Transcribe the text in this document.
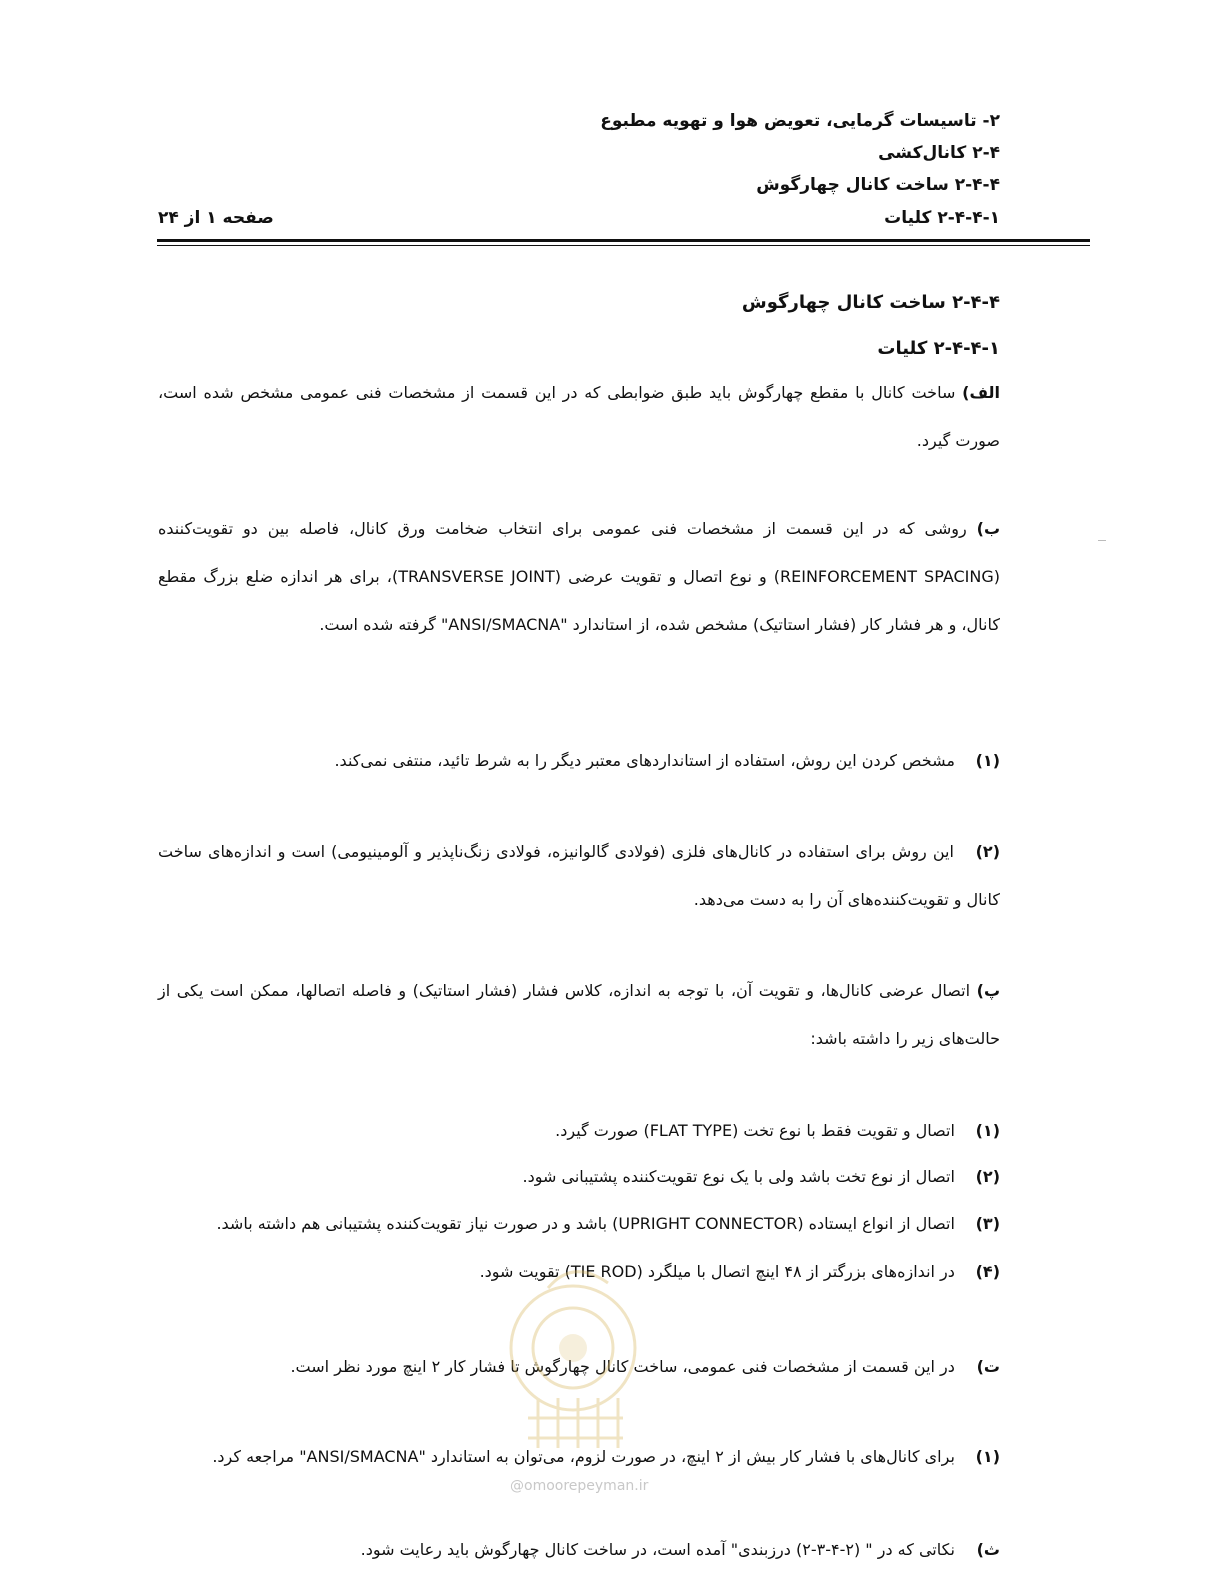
۲- تاسیسات گرمایی، تعویض هوا و تهویه مطبوع
۲-۴ کانال‌کشی
۲-۴-۴ ساخت کانال چهارگوش
۲-۴-۴-۱ کلیات
صفحه ۱ از ۲۴
۲-۴-۴ ساخت کانال چهارگوش
۲-۴-۴-۱ کلیات
الف) ساخت کانال با مقطع چهارگوش باید طبق ضوابطی که در این قسمت از مشخصات فنی عمومی مشخص شده است، صورت گیرد.
ب) روشی که در این قسمت از مشخصات فنی عمومی برای انتخاب ضخامت ورق کانال، فاصله بین دو تقویت‌کننده (REINFORCEMENT SPACING) و نوع اتصال و تقویت عرضی (TRANSVERSE JOINT)، برای هر اندازه ضلع بزرگ مقطع کانال، و هر فشار کار (فشار استاتیک) مشخص شده، از استاندارد "ANSI/SMACNA" گرفته شده است.
(۱) مشخص کردن این روش، استفاده از استانداردهای معتبر دیگر را به شرط تائید، منتفی نمی‌کند.
(۲) این روش برای استفاده در کانال‌های فلزی (فولادی گالوانیزه، فولادی زنگ‌ناپذیر و آلومینیومی) است و اندازه‌های ساخت کانال و تقویت‌کننده‌های آن را به دست می‌دهد.
پ) اتصال عرضی کانال‌ها، و تقویت آن، با توجه به اندازه، کلاس فشار (فشار استاتیک) و فاصله اتصالها، ممکن است یکی از حالت‌های زیر را داشته باشد:
(۱) اتصال و تقویت فقط با نوع تخت (FLAT TYPE) صورت گیرد.
(۲) اتصال از نوع تخت باشد ولی با یک نوع تقویت‌کننده پشتیبانی شود.
(۳) اتصال از انواع ایستاده (UPRIGHT CONNECTOR) باشد و در صورت نیاز تقویت‌کننده پشتیبانی هم داشته باشد.
(۴) در اندازه‌های بزرگتر از ۴۸ اینچ اتصال با میلگرد (TIE ROD) تقویت شود.
ت) در این قسمت از مشخصات فنی عمومی، ساخت کانال چهارگوش تا فشار کار ۲ اینچ مورد نظر است.
(۱) برای کانال‌های با فشار کار بیش از ۲ اینچ، در صورت لزوم، می‌توان به استاندارد "ANSI/SMACNA" مراجعه کرد.
ث) نکاتی که در " (۲-۴-۳-۲) درزبندی" آمده است، در ساخت کانال چهارگوش باید رعایت شود.
@omoorepeyman.ir
